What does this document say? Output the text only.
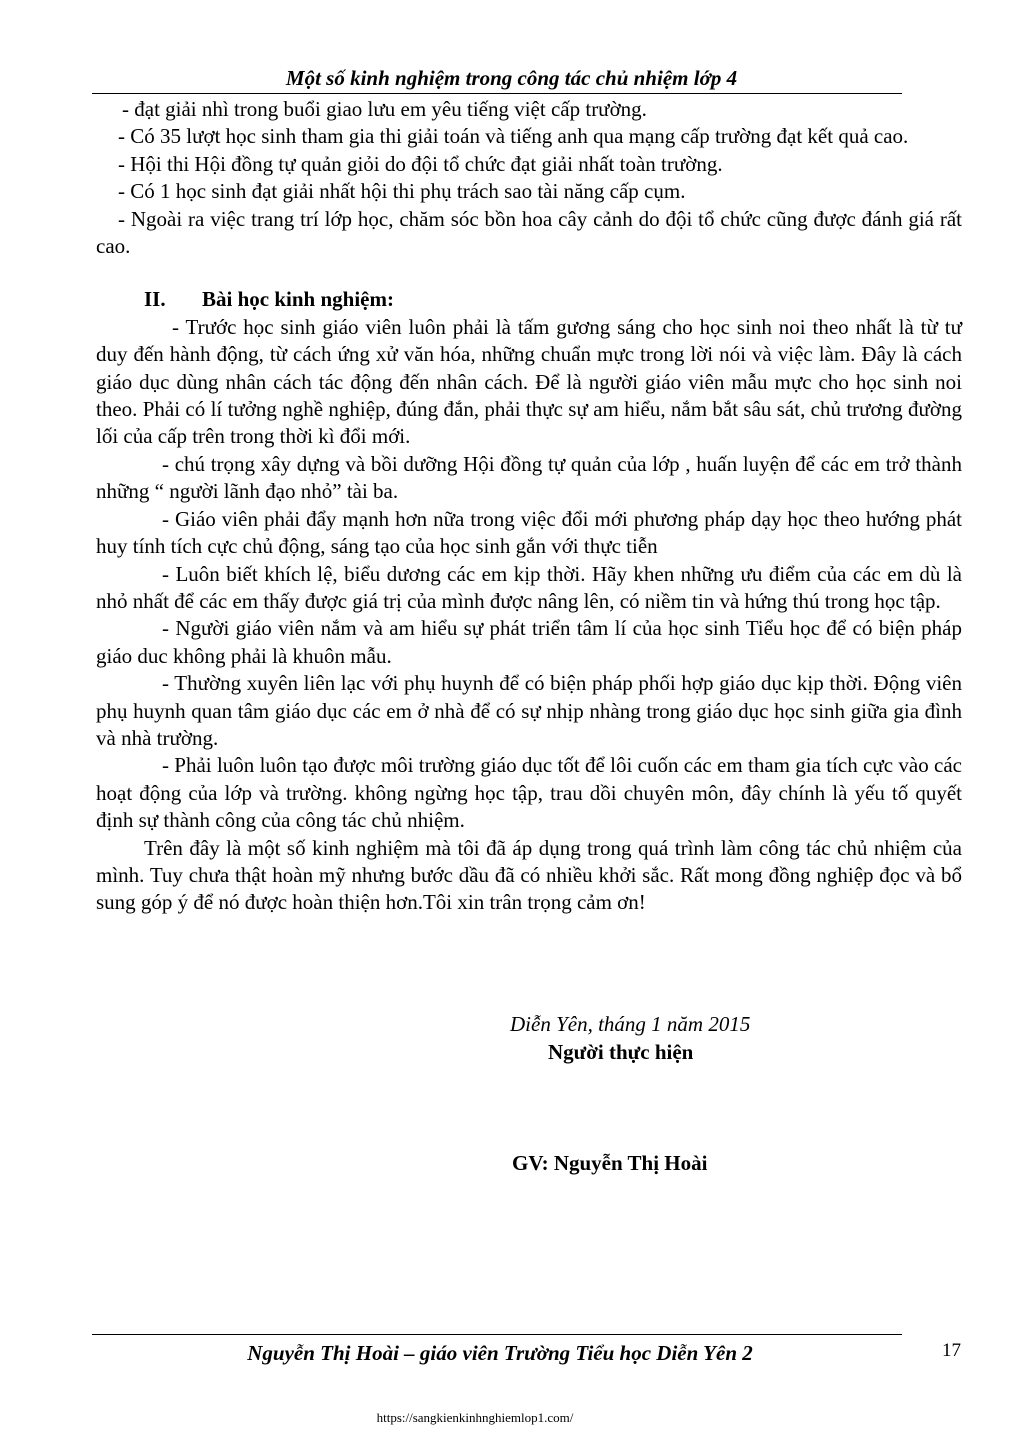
Một số kinh nghiệm trong công tác chủ nhiệm lớp 4

- đạt giải nhì trong buổi giao lưu em yêu tiếng việt cấp trường.

- Có 35 lượt học sinh tham gia thi giải toán và tiếng anh qua mạng cấp trường đạt kết quả cao.

- Hội thi Hội đồng tự quản giỏi do đội tổ chức đạt giải nhất toàn trường.

- Có 1 học sinh đạt giải nhất hội thi phụ trách sao tài năng cấp cụm.

- Ngoài ra việc trang trí lớp học, chăm sóc bồn hoa cây cảnh do đội tổ chức cũng được đánh giá rất cao.

II.	Bài học kinh nghiệm:

- Trước học sinh giáo viên luôn phải là tấm gương sáng cho học sinh noi theo nhất là từ tư duy đến hành động, từ cách ứng xử văn hóa, những chuẩn mực trong lời nói và việc làm. Đây là cách giáo dục dùng nhân cách tác động đến nhân cách. Để là người giáo viên mẫu mực cho học sinh noi theo. Phải có lí tưởng nghề nghiệp, đúng đắn, phải thực sự am hiểu, nắm bắt sâu sát, chủ trương đường lối của cấp trên trong thời kì đổi mới.

- chú trọng xây dựng và bồi dưỡng Hội đồng tự quản của lớp , huấn luyện để các em trở thành những “ người lãnh đạo nhỏ” tài ba.

- Giáo viên phải đẩy mạnh hơn nữa trong việc đổi mới phương pháp dạy học theo hướng phát huy tính tích cực chủ động, sáng tạo của học sinh gắn với thực tiễn

- Luôn biết khích lệ, biểu dương các em kịp thời. Hãy khen những ưu điểm của các em dù là nhỏ nhất để các em thấy được giá trị của mình được nâng lên, có niềm tin và hứng thú trong học tập.

- Người giáo viên nắm và am hiểu sự phát triển tâm lí của học sinh Tiểu học để có biện pháp giáo duc không phải là khuôn mẫu.

- Thường xuyên liên lạc với phụ huynh để có biện pháp phối hợp giáo dục kịp thời. Động viên phụ huynh quan tâm giáo dục các em ở nhà để có sự nhịp nhàng trong giáo dục học sinh giữa gia đình và nhà trường.

- Phải luôn luôn tạo được môi trường giáo dục tốt để lôi cuốn các em tham gia tích cực vào các hoạt động của lớp và trường. không ngừng học tập, trau dồi chuyên môn, đây chính là yếu tố quyết định sự thành công của công tác chủ nhiệm.

Trên đây là một số kinh nghiệm mà tôi đã áp dụng trong quá trình làm công tác chủ nhiệm của mình. Tuy chưa thật hoàn mỹ nhưng bước dầu đã có nhiều khởi sắc. Rất mong đồng nghiệp đọc và bổ sung góp ý để nó được hoàn thiện hơn.Tôi xin trân trọng cảm ơn!

Diễn Yên, tháng 1 năm 2015
Người thực hiện
GV: Nguyễn Thị Hoài
Nguyễn Thị Hoài – giáo viên Trường Tiểu học Diễn Yên 2	17
https://sangkienkinhnghiemlop1.com/
